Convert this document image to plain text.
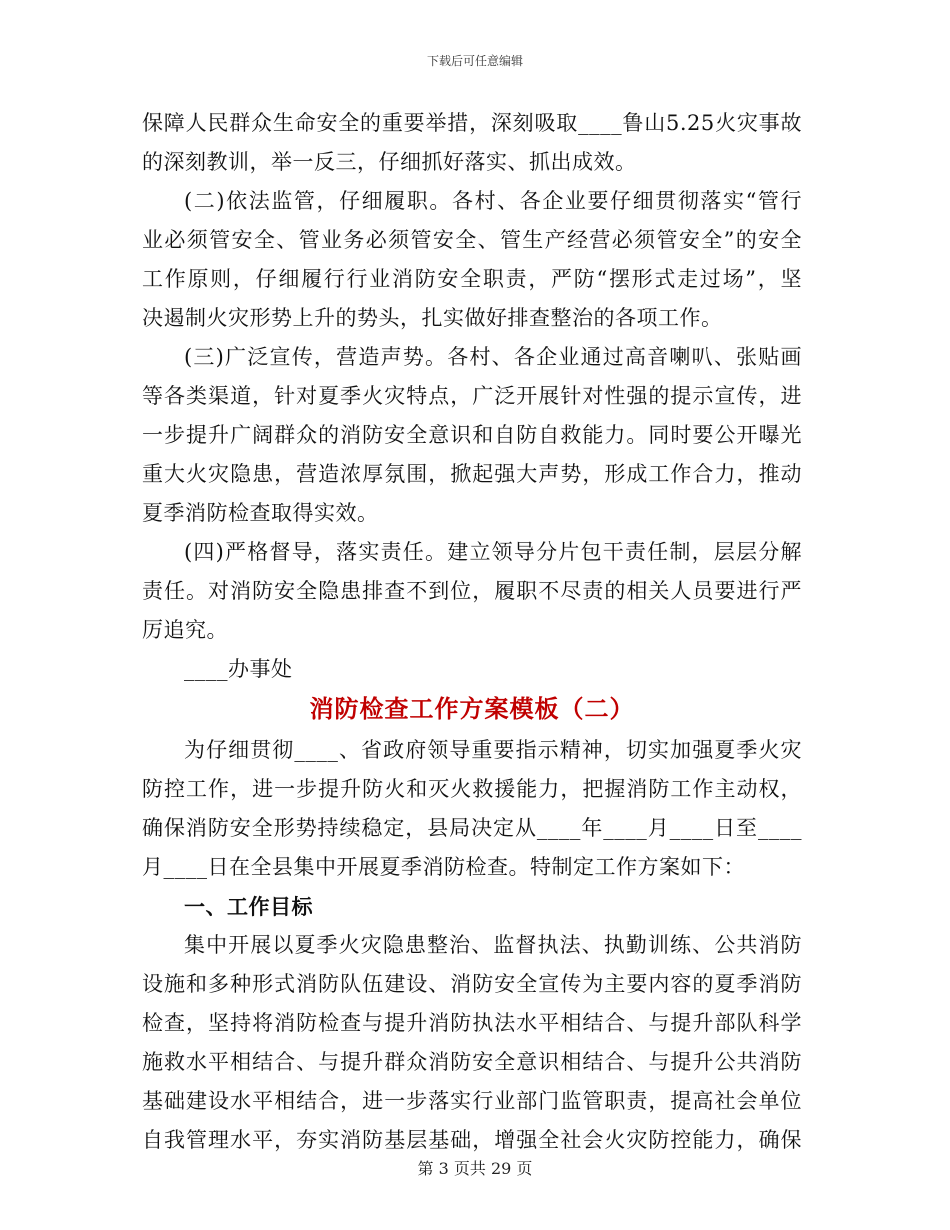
下载后可任意编辑
保障人民群众生命安全的重要举措，深刻吸取____鲁山5.25火灾事故
的深刻教训，举一反三，仔细抓好落实、抓出成效。
(二)依法监管，仔细履职。各村、各企业要仔细贯彻落实“管行
业必须管安全、管业务必须管安全、管生产经营必须管安全”的安全
工作原则，仔细履行行业消防安全职责，严防“摆形式走过场”，坚
决遏制火灾形势上升的势头，扎实做好排查整治的各项工作。
(三)广泛宣传，营造声势。各村、各企业通过高音喇叭、张贴画
等各类渠道，针对夏季火灾特点，广泛开展针对性强的提示宣传，进
一步提升广阔群众的消防安全意识和自防自救能力。同时要公开曝光
重大火灾隐患，营造浓厚氛围，掀起强大声势，形成工作合力，推动
夏季消防检查取得实效。
(四)严格督导，落实责任。建立领导分片包干责任制，层层分解
责任。对消防安全隐患排查不到位，履职不尽责的相关人员要进行严
厉追究。
____办事处
消防检查工作方案模板（二）
为仔细贯彻____、省政府领导重要指示精神，切实加强夏季火灾
防控工作，进一步提升防火和灭火救援能力，把握消防工作主动权，
确保消防安全形势持续稳定，县局决定从____年____月____日至____
月____日在全县集中开展夏季消防检查。特制定工作方案如下：
一、工作目标
集中开展以夏季火灾隐患整治、监督执法、执勤训练、公共消防
设施和多种形式消防队伍建设、消防安全宣传为主要内容的夏季消防
检查，坚持将消防检查与提升消防执法水平相结合、与提升部队科学
施救水平相结合、与提升群众消防安全意识相结合、与提升公共消防
基础建设水平相结合，进一步落实行业部门监管职责，提高社会单位
自我管理水平，夯实消防基层基础，增强全社会火灾防控能力，确保
第 3 页共 29 页
